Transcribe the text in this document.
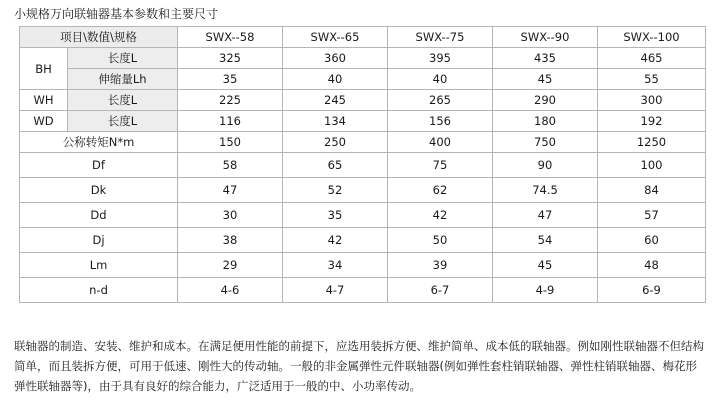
小规格万向联轴器基本参数和主要尺寸
项目\数值\规格		SWX--58	SWX--65	SWX--75	SWX--90	SWX--100
BH	长度L	325	360	395	435	465
	伸缩量Lh	35	40	40	45	55
WH	长度L	225	245	265	290	300
WD	长度L	116	134	156	180	192
公称转矩N*m		150	250	400	750	1250
Df		58	65	75	90	100
Dk		47	52	62	74.5	84
Dd		30	35	42	47	57
Dj		38	42	50	54	60
Lm		29	34	39	45	48
n-d		4-6	4-7	6-7	4-9	6-9
联轴器的制造、安装、维护和成本。在满足便用性能的前提下，应选用装拆方便、维护简单、成本低的联轴器。例如刚性联轴器不但结构简单，而且装拆方便，可用于低速、刚性大的传动轴。一般的非金属弹性元件联轴器(例如弹性套柱销联轴器、弹性柱销联轴器、梅花形弹性联轴器等)，由于具有良好的综合能力，广泛适用于一般的中、小功率传动。
